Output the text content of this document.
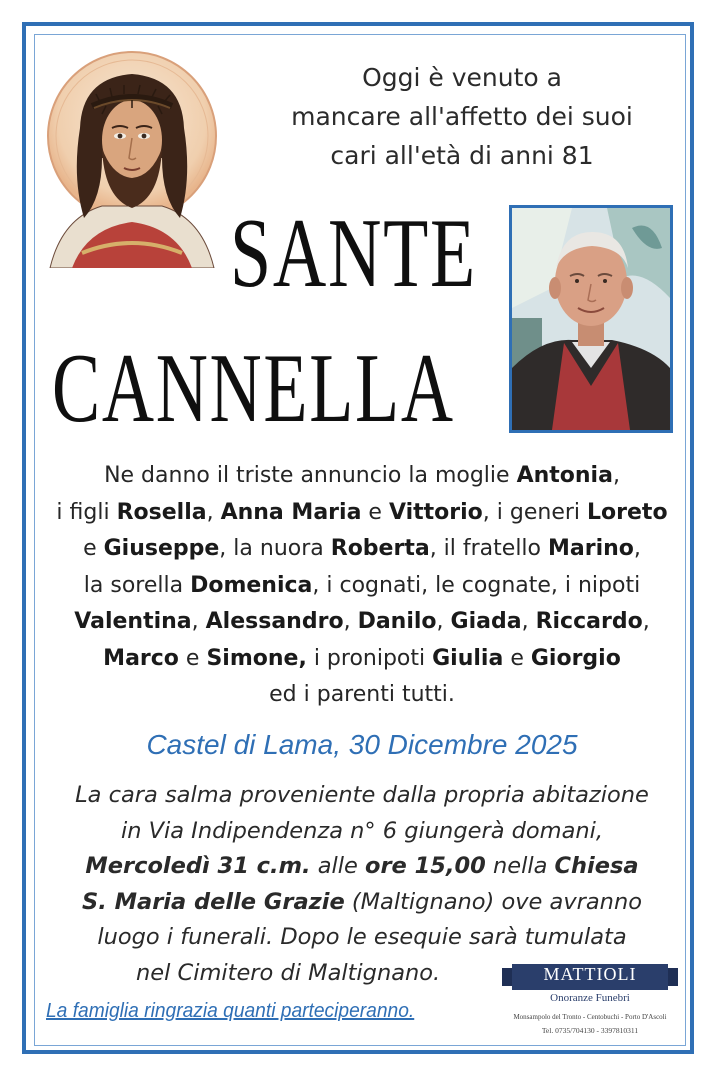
Oggi è venuto a
mancare all'affetto dei suoi
cari all'età di anni 81
SANTE
CANNELLA
Ne danno il triste annuncio la moglie Antonia,
i figli Rosella, Anna Maria e Vittorio, i generi Loreto
e Giuseppe, la nuora Roberta, il fratello Marino,
la sorella Domenica, i cognati, le cognate, i nipoti
Valentina, Alessandro, Danilo, Giada, Riccardo,
Marco e Simone, i pronipoti Giulia e Giorgio
ed i parenti tutti.
Castel di Lama, 30 Dicembre 2025
La cara salma proveniente dalla propria abitazione
in Via Indipendenza n° 6 giungerà domani,
Mercoledì 31 c.m. alle ore 15,00 nella Chiesa
S. Maria delle Grazie (Maltignano) ove avranno
luogo i funerali. Dopo le esequie sarà tumulata
nel Cimitero di Maltignano.
La famiglia ringrazia quanti parteciperanno.
MATTIOLI
Onoranze Funebri
Monsampolo del Tronto - Centobuchi - Porto D'Ascoli
Tel. 0735/704130 - 3397810311
